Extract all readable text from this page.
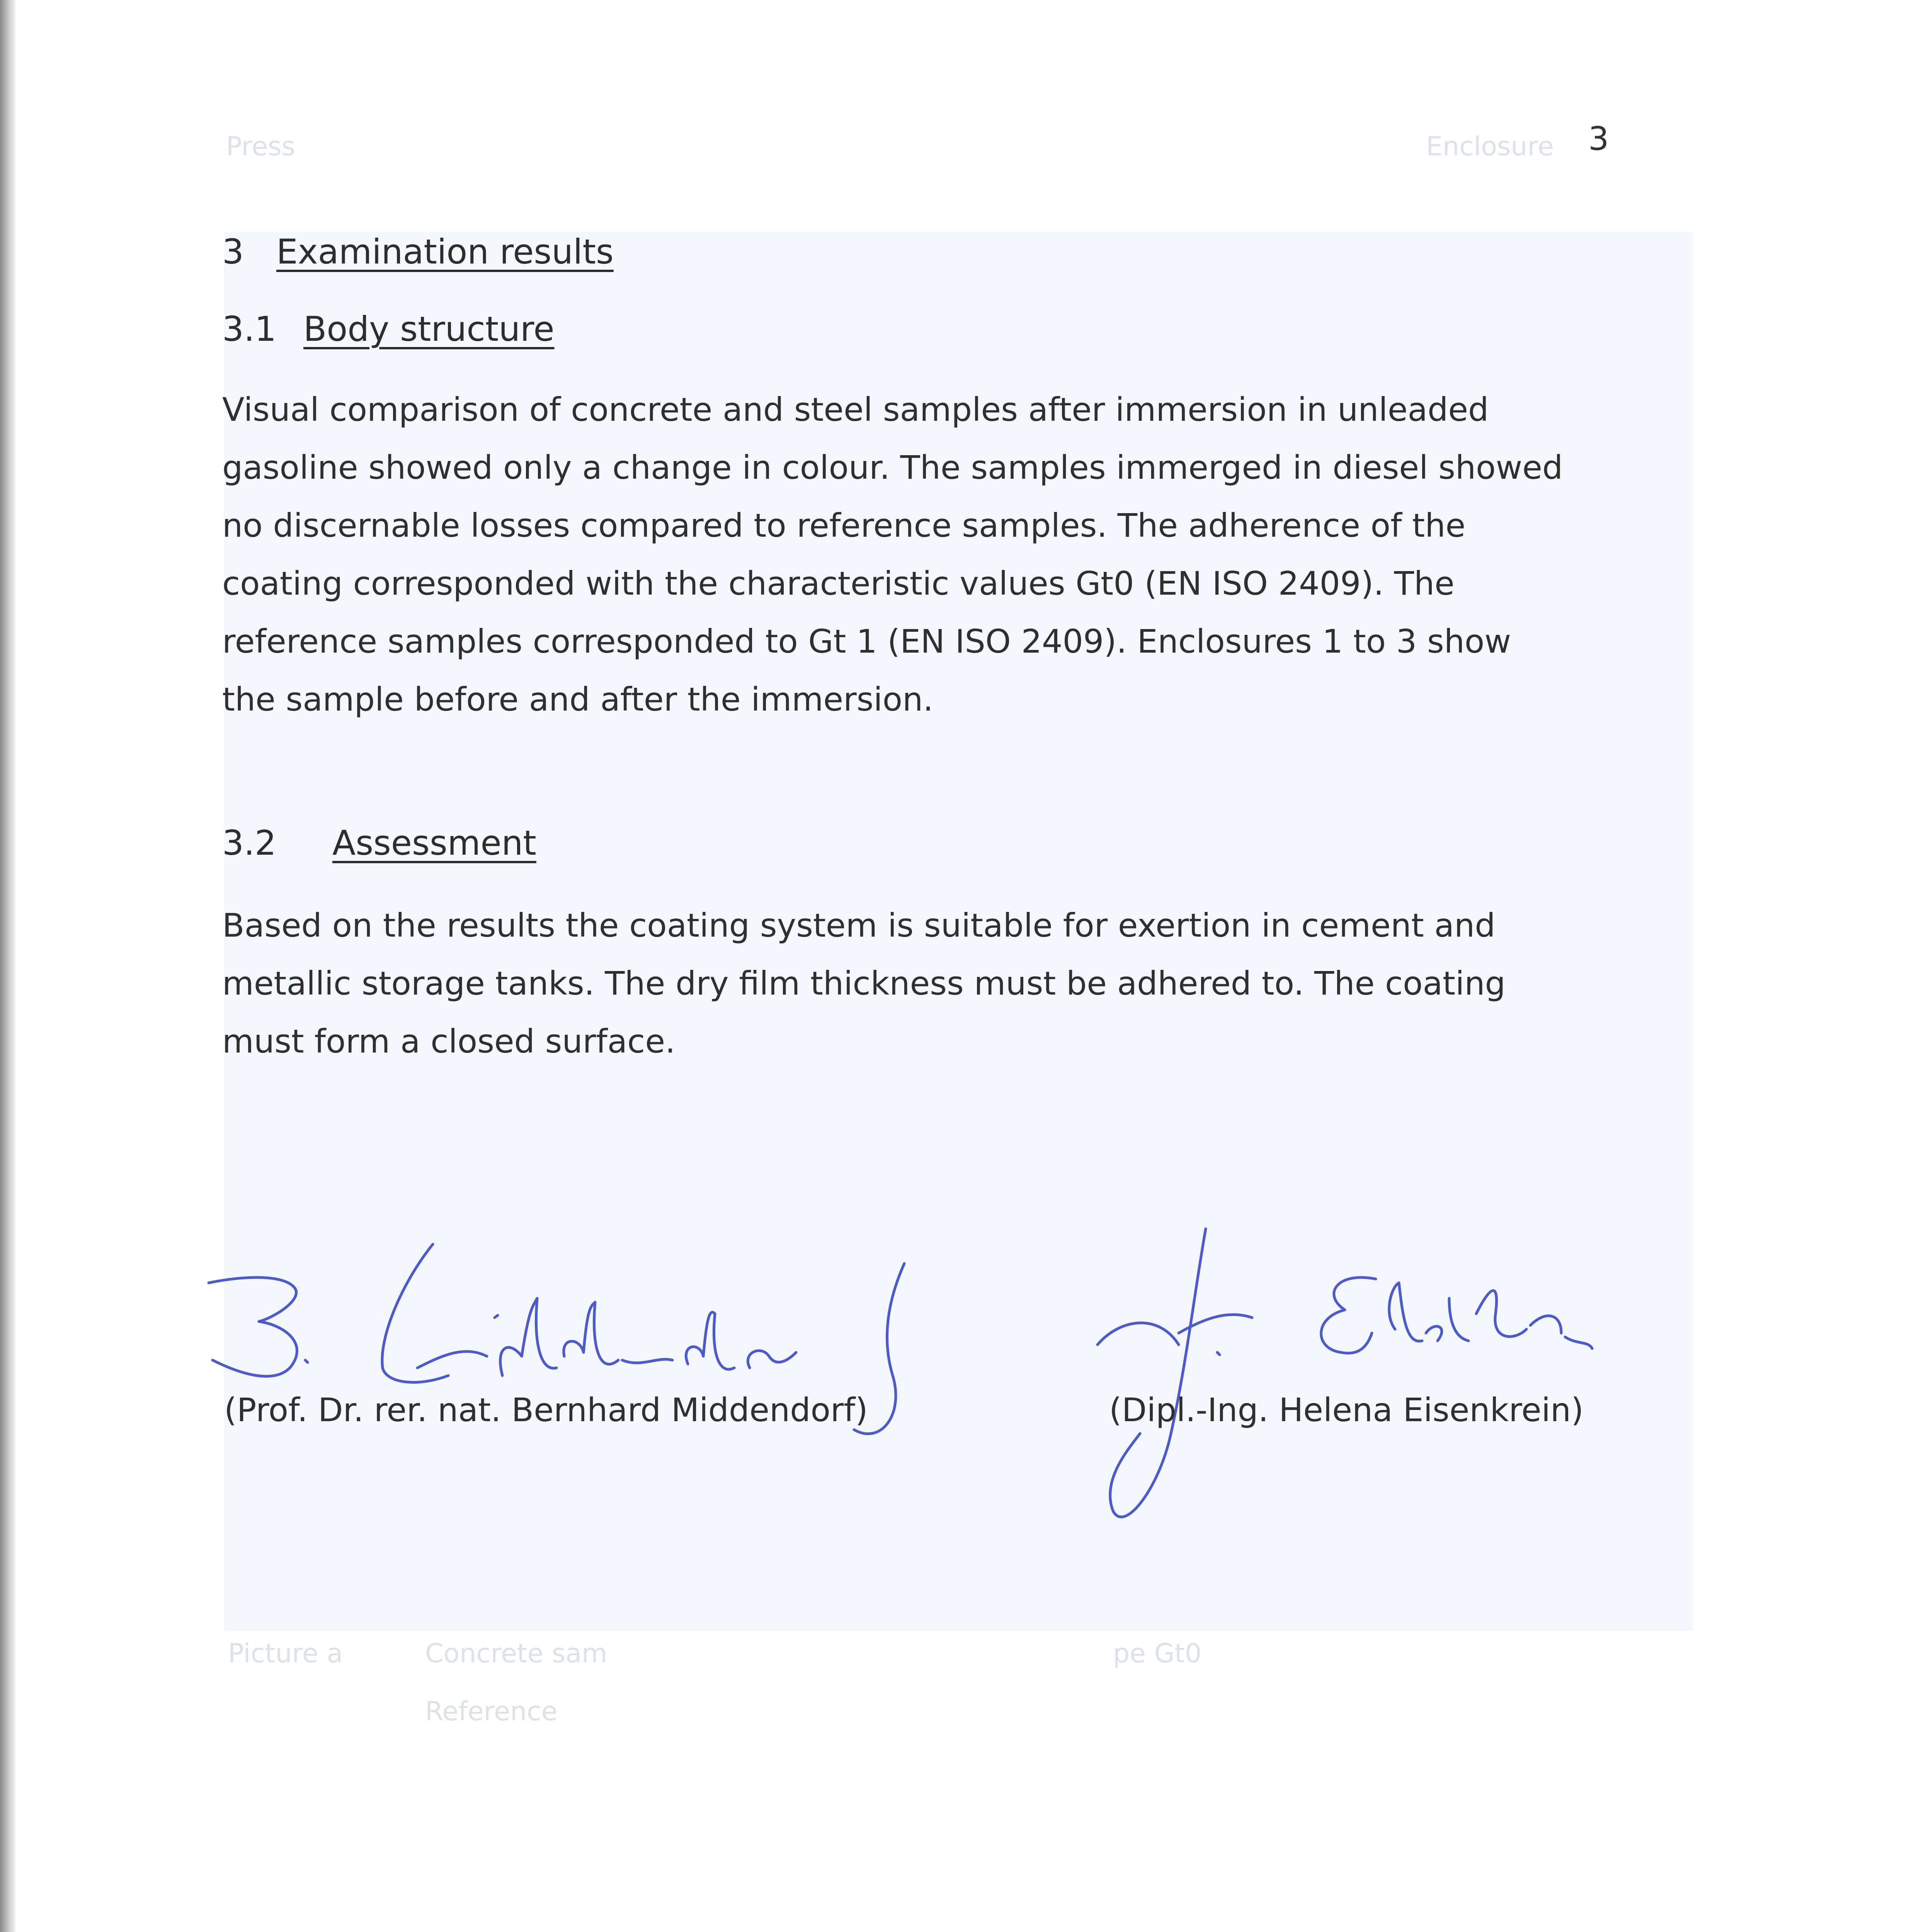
Press	Enclosure
Picture a	Concrete sam
Reference
pe Gt0
3
3 Examination results
3.1 Body structure

Visual comparison of concrete and steel samples after immersion in unleaded
gasoline showed only a change in colour. The samples immerged in diesel showed
no discernable losses compared to reference samples. The adherence of the
coating corresponded with the characteristic values Gt0 (EN ISO 2409). The
reference samples corresponded to Gt 1 (EN ISO 2409). Enclosures 1 to 3 show
the sample before and after the immersion.

3.2 Assessment

Based on the results the coating system is suitable for exertion in cement and
metallic storage tanks. The dry film thickness must be adhered to. The coating
must form a closed surface.

(Prof. Dr. rer. nat. Bernhard Middendorf)	(Dipl.-Ing. Helena Eisenkrein)
